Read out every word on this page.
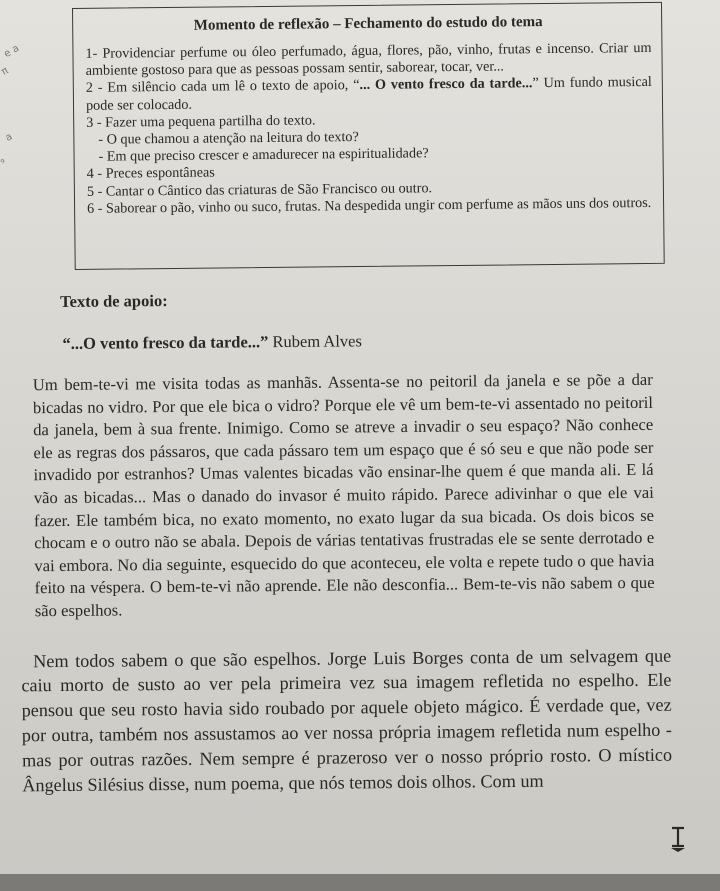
e a
π
a
⁹
Momento de reflexão – Fechamento do estudo do tema

1- Providenciar perfume ou óleo perfumado, água, flores, pão, vinho, frutas e incenso. Criar um ambiente gostoso para que as pessoas possam sentir, saborear, tocar, ver...

2 - Em silêncio cada um lê o texto de apoio, “... O vento fresco da tarde...” Um fundo musical pode ser colocado.

3 - Fazer uma pequena partilha do texto.

- O que chamou a atenção na leitura do texto?

- Em que preciso crescer e amadurecer na espiritualidade?

4 - Preces espontâneas

5 - Cantar o Cântico das criaturas de São Francisco ou outro.

6 - Saborear o pão, vinho ou suco, frutas. Na despedida ungir com perfume as mãos uns dos outros.

Texto de apoio:
“...O vento fresco da tarde...” Rubem Alves

Um bem-te-vi me visita todas as manhãs. Assenta-se no peitoril da janela e se põe a dar bicadas no vidro. Por que ele bica o vidro? Porque ele vê um bem-te-vi assentado no peitoril da janela, bem à sua frente. Inimigo. Como se atreve a invadir o seu espaço? Não conhece ele as regras dos pássaros, que cada pássaro tem um espaço que é só seu e que não pode ser invadido por estranhos? Umas valentes bicadas vão ensinar-lhe quem é que manda ali. E lá vão as bicadas... Mas o danado do invasor é muito rápido. Parece adivinhar o que ele vai fazer. Ele também bica, no exato momento, no exato lugar da sua bicada. Os dois bicos se chocam e o outro não se abala. Depois de várias tentativas frustradas ele se sente derrotado e vai embora. No dia seguinte, esquecido do que aconteceu, ele volta e repete tudo o que havia feito na véspera. O bem-te-vi não aprende. Ele não desconfia... Bem-te-vis não sabem o que são espelhos.

Nem todos sabem o que são espelhos. Jorge Luis Borges conta de um selvagem que caiu morto de susto ao ver pela primeira vez sua imagem refletida no espelho. Ele pensou que seu rosto havia sido roubado por aquele objeto mágico. É verdade que, vez por outra, também nos assustamos ao ver nossa própria imagem refletida num espelho - mas por outras razões. Nem sempre é prazeroso ver o nosso próprio rosto. O místico Ângelus Silésius disse, num poema, que nós temos dois olhos. Com um
